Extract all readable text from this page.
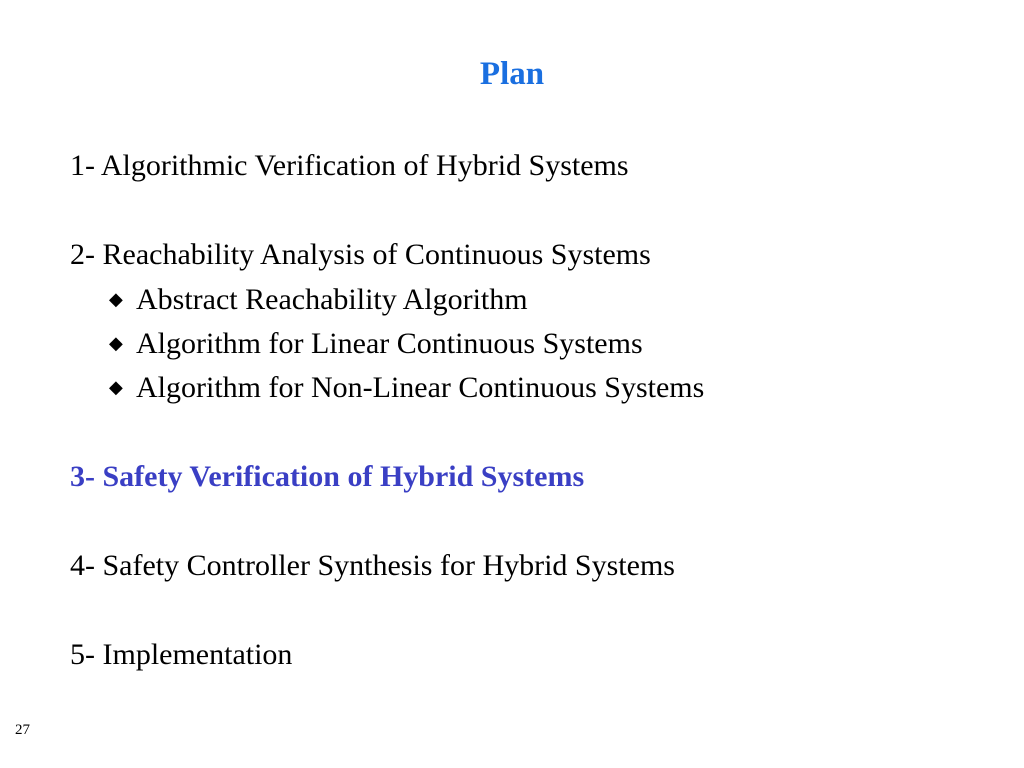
Plan
1- Algorithmic Verification of Hybrid Systems
2- Reachability Analysis of Continuous Systems
◆ Abstract Reachability Algorithm
◆ Algorithm for Linear Continuous Systems
◆ Algorithm for Non-Linear Continuous Systems
3- Safety Verification of Hybrid Systems
4- Safety Controller Synthesis for Hybrid Systems
5- Implementation
27
